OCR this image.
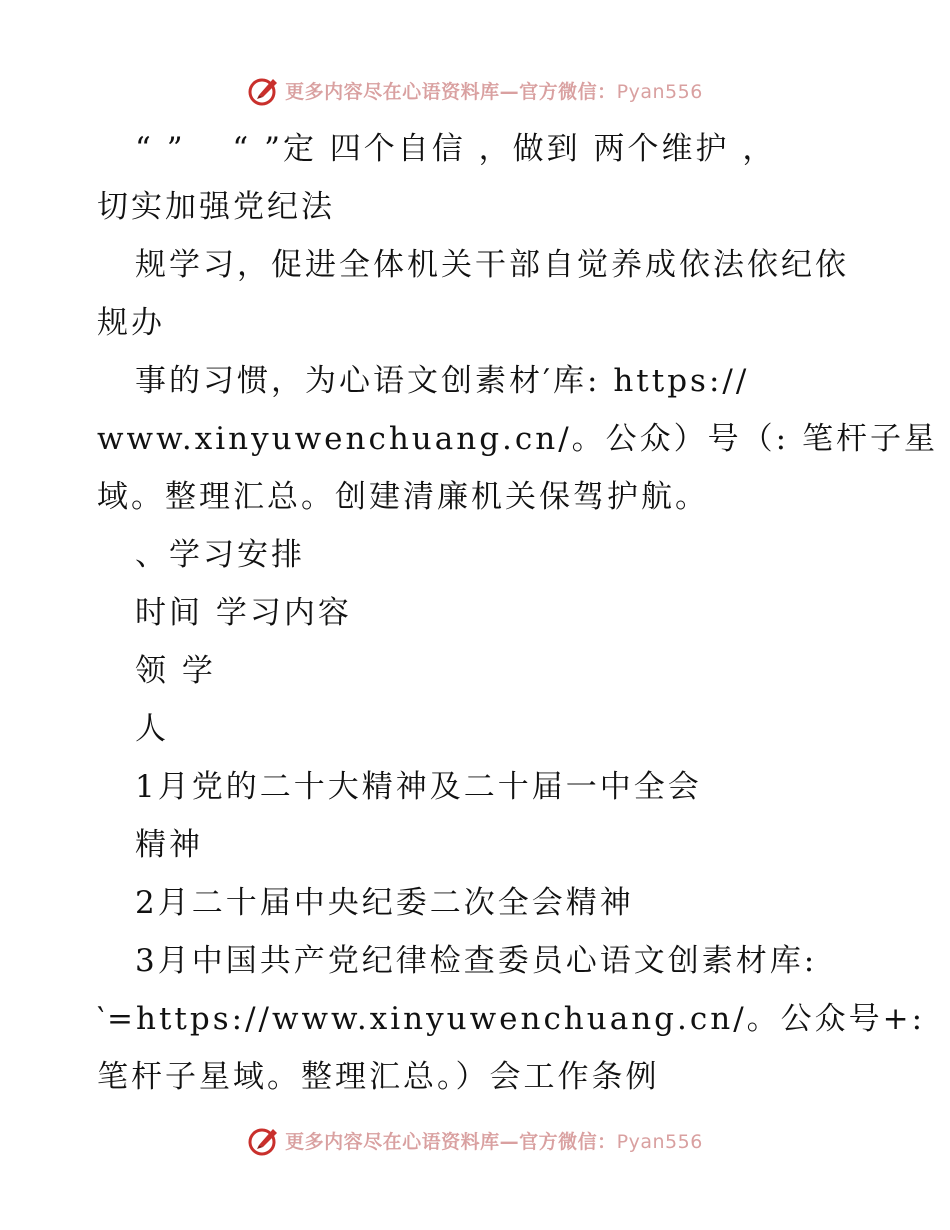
更多内容尽在心语资料库—官方微信：Pyan556
“ ”　 “ ”定 四个自信 ，做到 两个维护 ，
切实加强党纪法
规学习，促进全体机关干部自觉养成依法依纪依
规办
事的习惯，为心语文创素材′库: https://
www.xinyuwenchuang.cn/。公众）号（: 笔杆子星
域。整理汇总。创建清廉机关保驾护航。
、学习安排
时间 学习内容
领 学
人
1月党的二十大精神及二十届一中全会
精神
2月二十届中央纪委二次全会精神
3月中国共产党纪律检查委员心语文创素材库:
‵=https://www.xinyuwenchuang.cn/。公众号+:
笔杆子星域。整理汇总。）会工作条例
更多内容尽在心语资料库—官方微信：Pyan556
